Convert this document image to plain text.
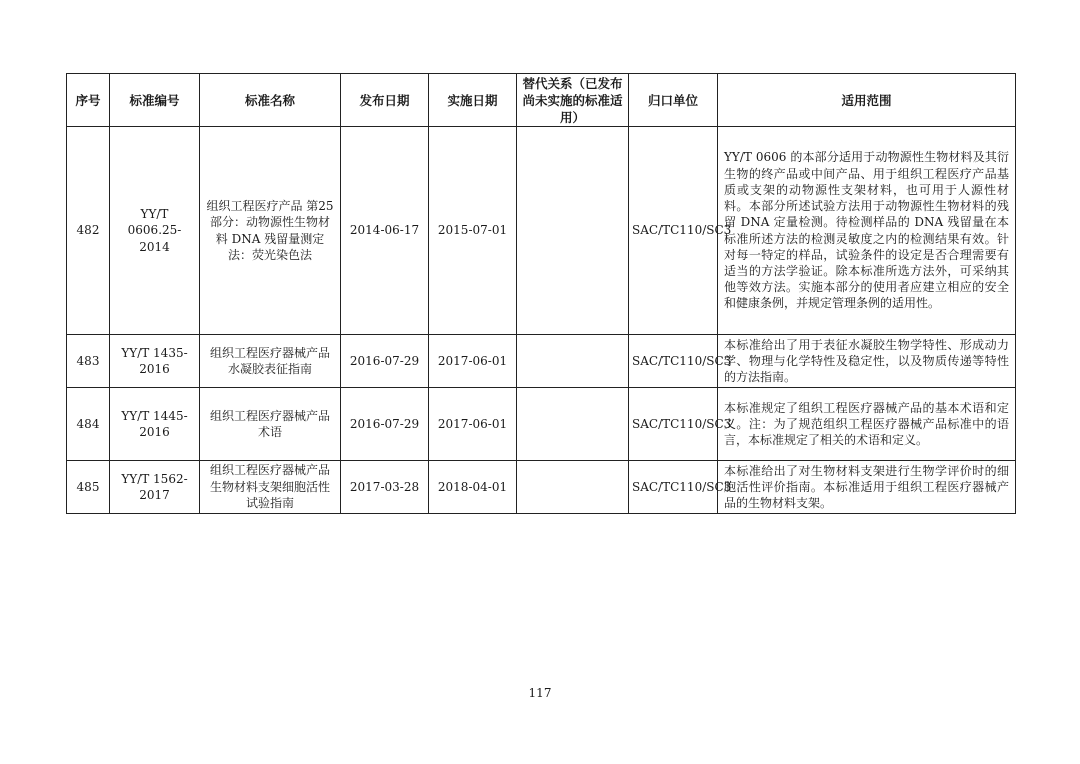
序号	标准编号	标准名称	发布日期	实施日期	替代关系（已发布尚未实施的标准适用）	归口单位	适用范围
482	YY/T 0606.25-2014	组织工程医疗产品 第25部分：动物源性生物材料 DNA 残留量测定法：荧光染色法	2014-06-17	2015-07-01		SAC/TC110/SC3	YY/T 0606 的本部分适用于动物源性生物材料及其衍生物的终产品或中间产品、用于组织工程医疗产品基质或支架的动物源性支架材料，也可用于人源性材料。本部分所述试验方法用于动物源性生物材料的残留 DNA 定量检测。待检测样品的 DNA 残留量在本标准所述方法的检测灵敏度之内的检测结果有效。针对每一特定的样品，试验条件的设定是否合理需要有适当的方法学验证。除本标准所选方法外，可采纳其他等效方法。实施本部分的使用者应建立相应的安全和健康条例，并规定管理条例的适用性。
483	YY/T 1435-2016	组织工程医疗器械产品 水凝胶表征指南	2016-07-29	2017-06-01		SAC/TC110/SC3	本标准给出了用于表征水凝胶生物学特性、形成动力学、物理与化学特性及稳定性，以及物质传递等特性的方法指南。
484	YY/T 1445-2016	组织工程医疗器械产品 术语	2016-07-29	2017-06-01		SAC/TC110/SC3	本标准规定了组织工程医疗器械产品的基本术语和定义。注：为了规范组织工程医疗器械产品标准中的语言，本标准规定了相关的术语和定义。
485	YY/T 1562-2017	组织工程医疗器械产品 生物材料支架细胞活性试验指南	2017-03-28	2018-04-01		SAC/TC110/SC3	本标准给出了对生物材料支架进行生物学评价时的细胞活性评价指南。本标准适用于组织工程医疗器械产品的生物材料支架。
117
